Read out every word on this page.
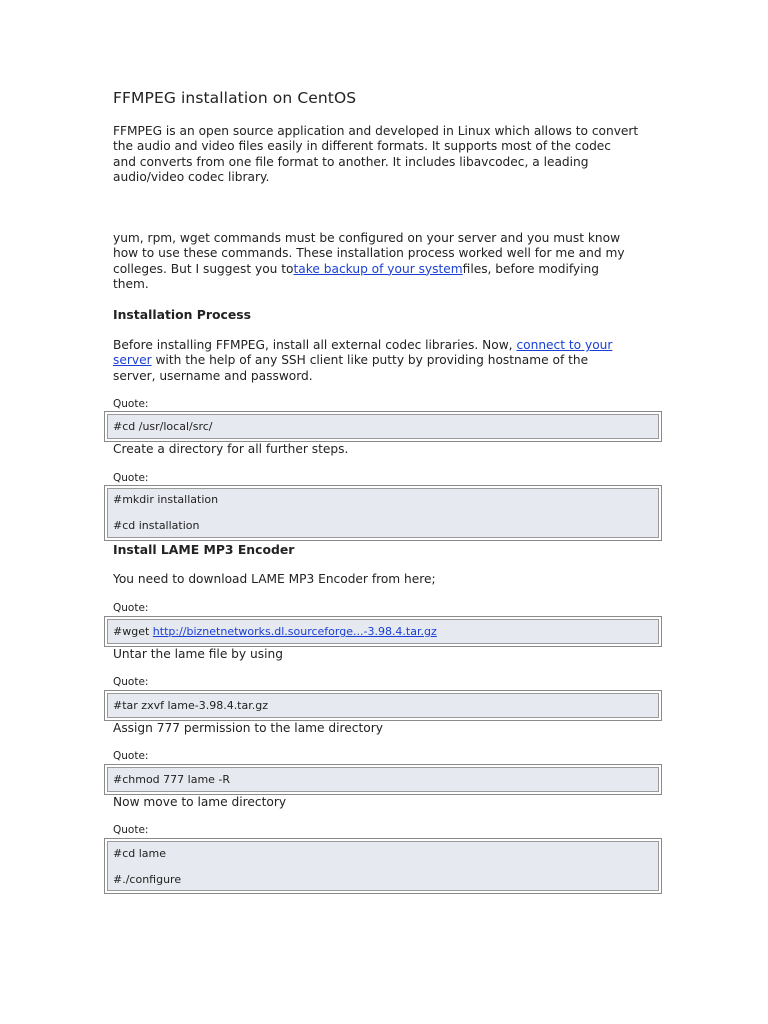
FFMPEG installation on CentOS

FFMPEG is an open source application and developed in Linux which allows to convert
the audio and video files easily in different formats. It supports most of the codec
and converts from one file format to another. It includes libavcodec, a leading
audio/video codec library.

yum, rpm, wget commands must be configured on your server and you must know
how to use these commands. These installation process worked well for me and my
colleges. But I suggest you totake backup of your systemfiles, before modifying
them.

Installation Process

Before installing FFMPEG, install all external codec libraries. Now, connect to your
server with the help of any SSH client like putty by providing hostname of the
server, username and password.

Quote:
#cd /usr/local/src/

Create a directory for all further steps.

Quote:
#mkdir installation
#cd installation
Install LAME MP3 Encoder

You need to download LAME MP3 Encoder from here;

Quote:
#wget http://biznetnetworks.dl.sourceforge...-3.98.4.tar.gz

Untar the lame file by using

Quote:
#tar zxvf lame-3.98.4.tar.gz

Assign 777 permission to the lame directory

Quote:
#chmod 777 lame -R

Now move to lame directory

Quote:
#cd lame
#./configure
